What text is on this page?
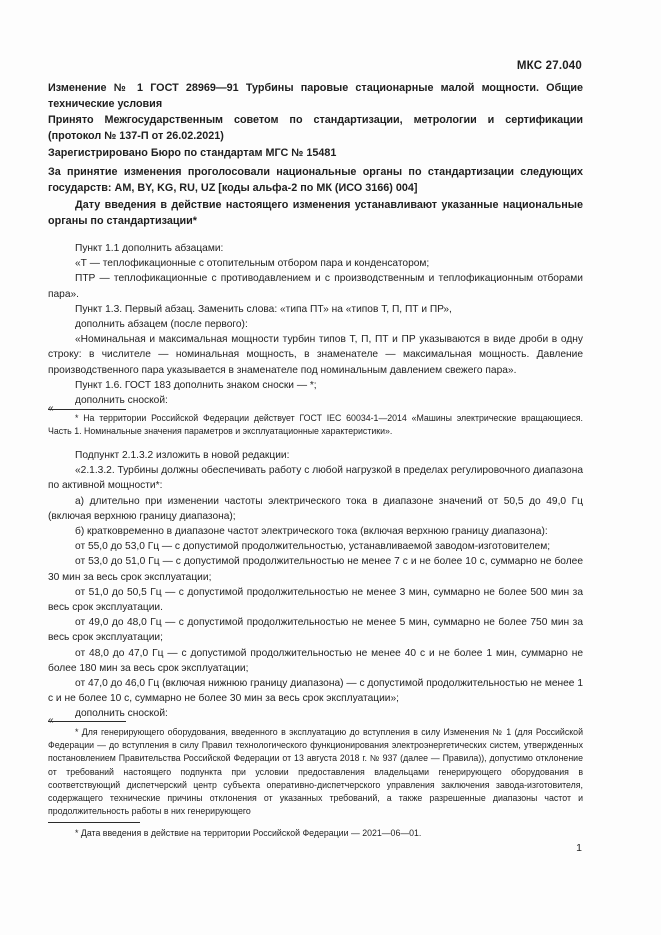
МКС 27.040
Изменение № 1 ГОСТ 28969—91 Турбины паровые стационарные малой мощности. Общие технические условия
Принято Межгосударственным советом по стандартизации, метрологии и сертификации (протокол № 137-П от 26.02.2021)
Зарегистрировано Бюро по стандартам МГС № 15481
За принятие изменения проголосовали национальные органы по стандартизации следующих государств: AM, BY, KG, RU, UZ [коды альфа-2 по МК (ИСО 3166) 004]
Дату введения в действие настоящего изменения устанавливают указанные национальные органы по стандартизации*

Пункт 1.1 дополнить абзацами:

«Т — теплофикационные с отопительным отбором пара и конденсатором;

ПТР — теплофикационные с противодавлением и с производственным и теплофикационным отборами пара».

Пункт 1.3. Первый абзац. Заменить слова: «типа ПТ» на «типов Т, П, ПТ и ПР»,

дополнить абзацем (после первого):

«Номинальная и максимальная мощности турбин типов Т, П, ПТ и ПР указываются в виде дроби в одну строку: в числителе — номинальная мощность, в знаменателе — максимальная мощность. Давление производственного пара указывается в знаменателе под номинальным давлением свежего пара».

Пункт 1.6. ГОСТ 183 дополнить знаком сноски — *;

дополнить сноской:

«

* На территории Российской Федерации действует ГОСТ IEC 60034-1—2014 «Машины электрические вращающиеся. Часть 1. Номинальные значения параметров и эксплуатационные характеристики».

Подпункт 2.1.3.2 изложить в новой редакции:

«2.1.3.2. Турбины должны обеспечивать работу с любой нагрузкой в пределах регулировочного диапазона по активной мощности*:

а) длительно при изменении частоты электрического тока в диапазоне значений от 50,5 до 49,0 Гц (включая верхнюю границу диапазона);

б) кратковременно в диапазоне частот электрического тока (включая верхнюю границу диапазона):

от 55,0 до 53,0 Гц — с допустимой продолжительностью, устанавливаемой заводом-изготовителем;

от 53,0 до 51,0 Гц — с допустимой продолжительностью не менее 7 с и не более 10 с, суммарно не более 30 мин за весь срок эксплуатации;

от 51,0 до 50,5 Гц — с допустимой продолжительностью не менее 3 мин, суммарно не более 500 мин за весь срок эксплуатации.

от 49,0 до 48,0 Гц — с допустимой продолжительностью не менее 5 мин, суммарно не более 750 мин за весь срок эксплуатации;

от 48,0 до 47,0 Гц — с допустимой продолжительностью не менее 40 с и не более 1 мин, суммарно не более 180 мин за весь срок эксплуатации;

от 47,0 до 46,0 Гц (включая нижнюю границу диапазона) — с допустимой продолжительностью не менее 1 с и не более 10 с, суммарно не более 30 мин за весь срок эксплуатации»;

дополнить сноской:

«

* Для генерирующего оборудования, введенного в эксплуатацию до вступления в силу Изменения № 1 (для Российской Федерации — до вступления в силу Правил технологического функционирования электроэнергетических систем, утвержденных постановлением Правительства Российской Федерации от 13 августа 2018 г. № 937 (далее — Правила)), допустимо отклонение от требований настоящего подпункта при условии предоставления владельцами генерирующего оборудования в соответствующий диспетчерский центр субъекта оперативно-диспетчерского управления заключения завода-изготовителя, содержащего технические причины отклонения от указанных требований, а также разрешенные диапазоны частот и продолжительность работы в них генерирующего

* Дата введения в действие на территории Российской Федерации — 2021—06—01.

1
